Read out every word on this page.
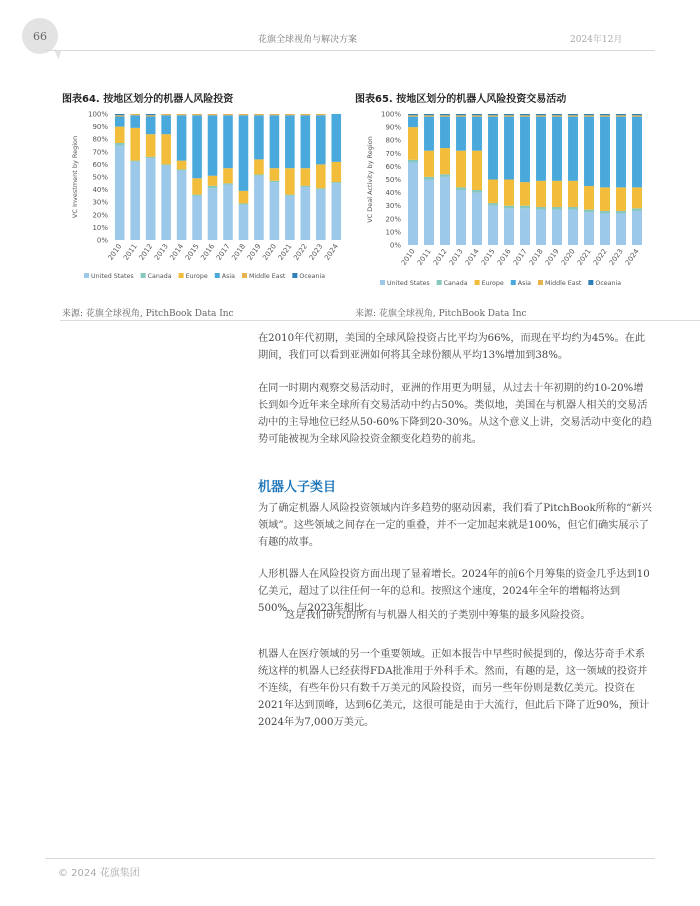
66	花旗全球视角与解决方案	2024年12月
图表64. 按地区划分的机器人风险投资
VC Investment by Region
0%
10%
20%
30%
40%
50%
60%
70%
80%
90%
100%
2010
2011
2012
2013
2014
2015
2016
2017
2018
2019
2020
2021
2022
2023
2024
United States Canada Europe Asia Middle East Oceania
来源: 花旗全球视角, PitchBook Data Inc
图表65. 按地区划分的机器人风险投资交易活动
VC Deal Activity by Region
0%
10%
20%
30%
40%
50%
60%
70%
80%
90%
100%
2010 2011 2012 2013 2014 2015 2016 2017 2018 2019 2020 2021 2022 2023 2024
United States Canada Europe Asia Middle East Oceania
来源: 花旗全球视角, PitchBook Data Inc

在2010年代初期，美国的全球风险投资占比平均为66%，而现在平均约为45%。在此期间，我们可以看到亚洲如何将其全球份额从平均13%增加到38%。

在同一时期内观察交易活动时，亚洲的作用更为明显，从过去十年初期的约10-20%增长到如今近年来全球所有交易活动中约占50%。类似地，美国在与机器人相关的交易活动中的主导地位已经从50-60%下降到20-30%。从这个意义上讲，交易活动中变化的趋势可能被视为全球风险投资金额变化趋势的前兆。

机器人子类目

为了确定机器人风险投资领域内许多趋势的驱动因素，我们看了PitchBook所称的“新兴领域”。这些领域之间存在一定的重叠，并不一定加起来就是100%，但它们确实展示了有趣的故事。

人形机器人在风险投资方面出现了显着增长。2024年的前6个月筹集的资金几乎达到10亿美元，超过了以往任何一年的总和。按照这个速度，2024年全年的增幅将达到500%，与2023年相比。

这是我们研究的所有与机器人相关的子类别中筹集的最多风险投资。

机器人在医疗领域的另一个重要领域。正如本报告中早些时候提到的，像达芬奇手术系统这样的机器人已经获得FDA批准用于外科手术。然而，有趣的是，这一领域的投资并不连续，有些年份只有数千万美元的风险投资，而另一些年份则是数亿美元。投资在2021年达到顶峰，达到6亿美元，这很可能是由于大流行，但此后下降了近90%，预计2024年为7,000万美元。

© 2024 花旗集团
